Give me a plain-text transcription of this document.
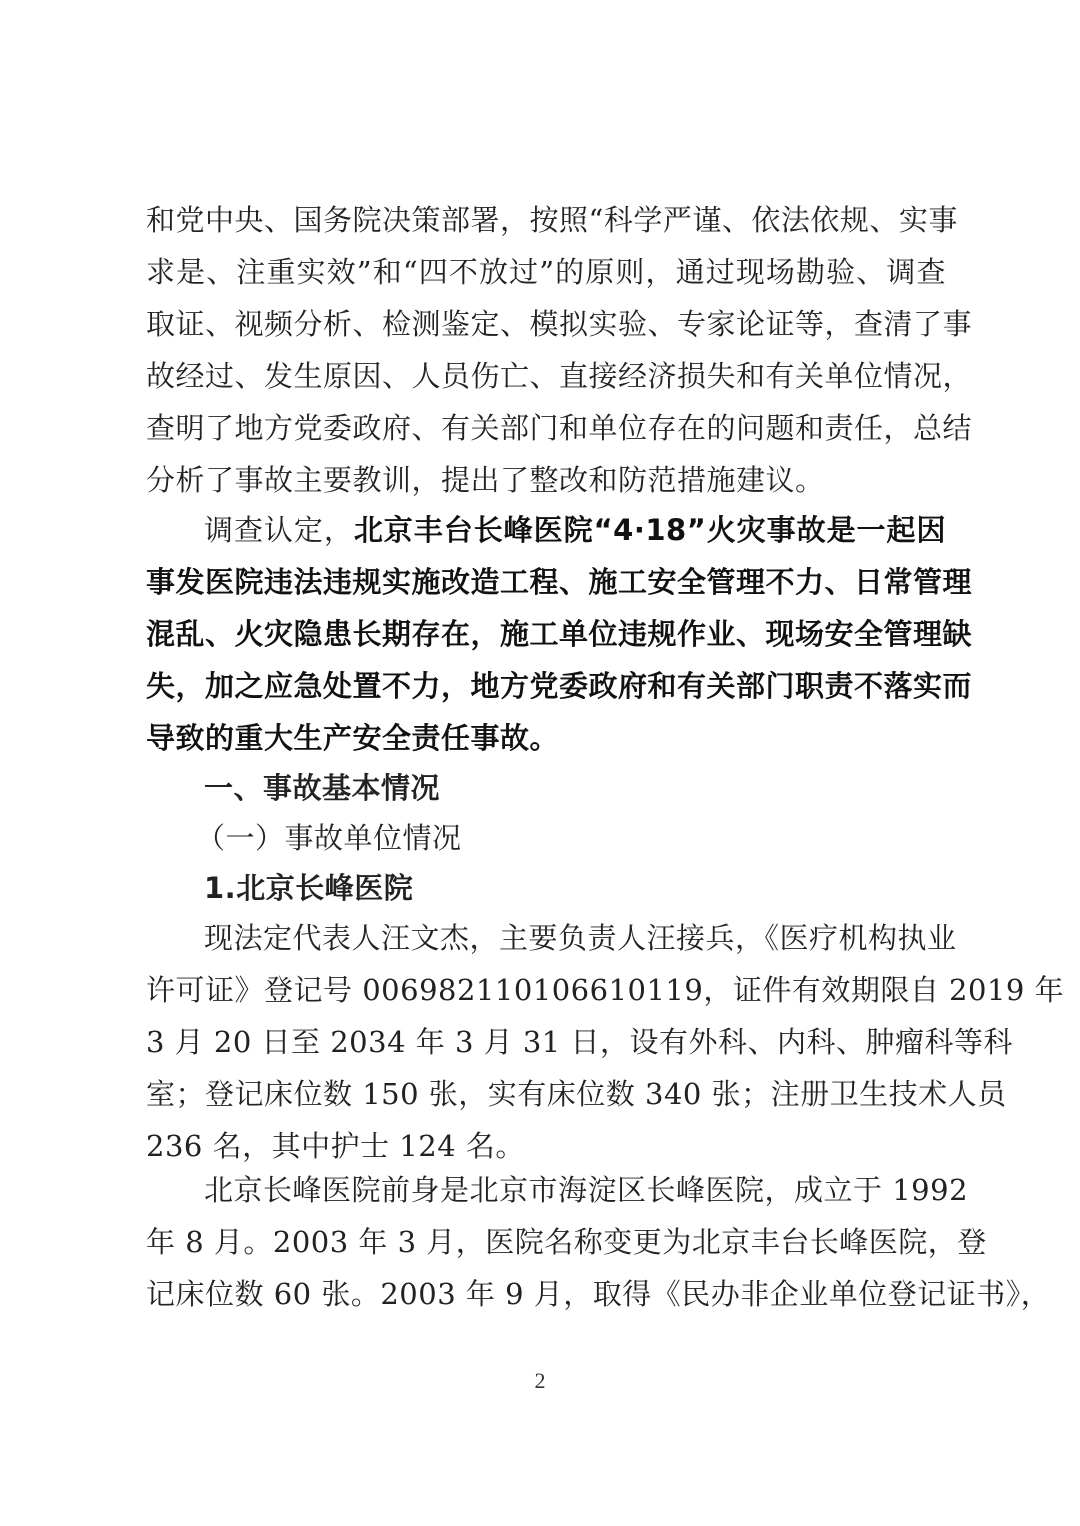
和党中央、国务院决策部署，按照“科学严谨、依法依规、实事
求是、注重实效”和“四不放过”的原则，通过现场勘验、调查
取证、视频分析、检测鉴定、模拟实验、专家论证等，查清了事
故经过、发生原因、人员伤亡、直接经济损失和有关单位情况，
查明了地方党委政府、有关部门和单位存在的问题和责任，总结
分析了事故主要教训，提出了整改和防范措施建议。
调查认定，北京丰台长峰医院“4·18”火灾事故是一起因
事发医院违法违规实施改造工程、施工安全管理不力、日常管理
混乱、火灾隐患长期存在，施工单位违规作业、现场安全管理缺
失，加之应急处置不力，地方党委政府和有关部门职责不落实而
导致的重大生产安全责任事故。
一、事故基本情况
（一）事故单位情况
1.北京长峰医院
现法定代表人汪文杰，主要负责人汪接兵，《医疗机构执业
许可证》登记号 006982110106610119，证件有效期限自 2019 年
3 月 20 日至 2034 年 3 月 31 日，设有外科、内科、肿瘤科等科
室；登记床位数 150 张，实有床位数 340 张；注册卫生技术人员
236 名，其中护士 124 名。
北京长峰医院前身是北京市海淀区长峰医院，成立于 1992
年 8 月。2003 年 3 月，医院名称变更为北京丰台长峰医院，登
记床位数 60 张。2003 年 9 月，取得《民办非企业单位登记证书》，
2
